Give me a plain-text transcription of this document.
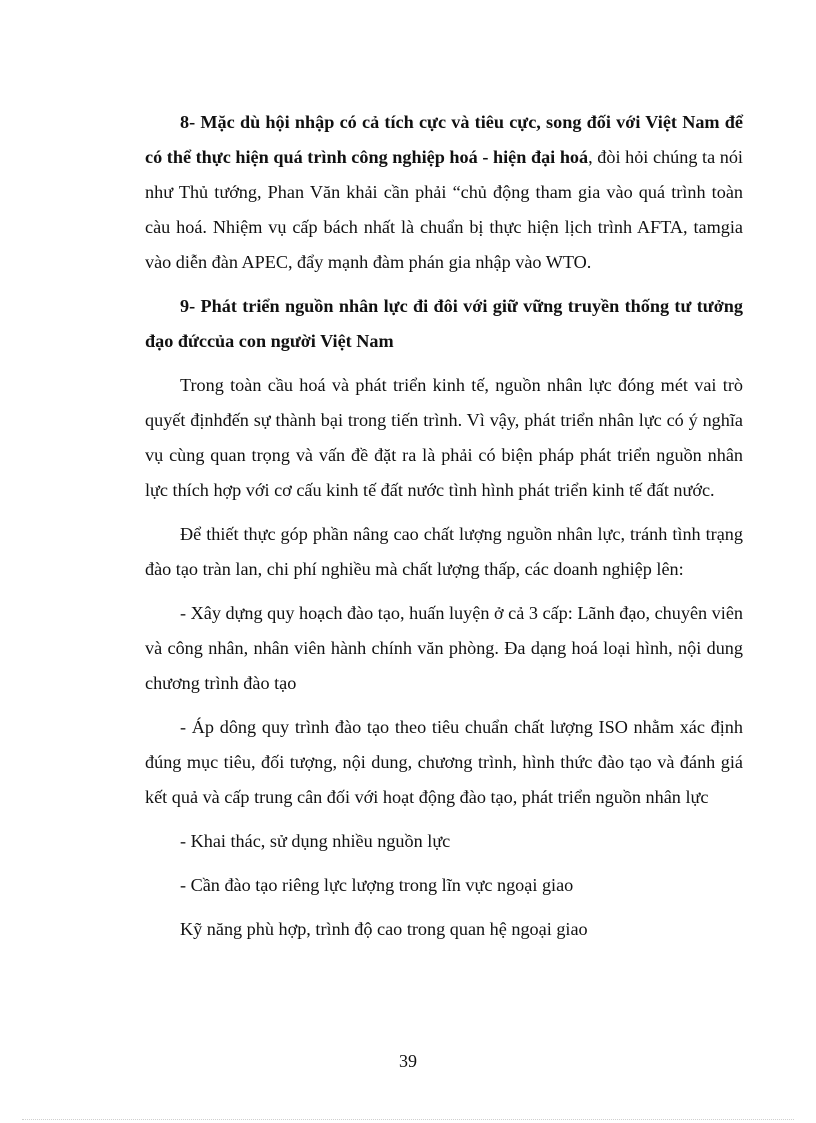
8- Mặc dù hội nhập có cả tích cực và tiêu cực, song đối với Việt Nam để có thể thực hiện quá trình công nghiệp hoá - hiện đại hoá, đòi hỏi chúng ta nói như Thủ tướng, Phan Văn khải cần phải “chủ động tham gia vào quá trình toàn càu hoá. Nhiệm vụ cấp bách nhất là chuẩn bị thực hiện lịch trình AFTA, tamgia vào diễn đàn APEC, đẩy mạnh đàm phán gia nhập vào WTO.

9- Phát triển nguồn nhân lực đi đôi với giữ vững truyền thống tư tưởng đạo đứccủa con người Việt Nam

Trong toàn cầu hoá và phát triển kinh tế, nguồn nhân lực đóng mét vai trò quyết địnhđến sự thành bại trong tiến trình. Vì vậy, phát triển nhân lực có ý nghĩa vụ cùng quan trọng và vấn đề đặt ra là phải có biện pháp phát triển nguồn nhân lực thích hợp với cơ cấu kinh tế đất nước tình hình phát triển kinh tế đất nước.

Để thiết thực góp phần nâng cao chất lượng nguồn nhân lực, tránh tình trạng đào tạo tràn lan, chi phí nghiều mà chất lượng thấp, các doanh nghiệp lên:

- Xây dựng quy hoạch đào tạo, huấn luyện ở cả 3 cấp: Lãnh đạo, chuyên viên và công nhân, nhân viên hành chính văn phòng. Đa dạng hoá loại hình, nội dung chương trình đào tạo

- Áp dông quy trình đào tạo theo tiêu chuẩn chất lượng ISO nhằm xác định đúng mục tiêu, đối tượng, nội dung, chương trình, hình thức đào tạo và đánh giá kết quả và cấp trung cân đối với hoạt động đào tạo, phát triển nguồn nhân lực

- Khai thác, sử dụng nhiều nguồn lực

- Cần đào tạo riêng lực lượng trong lĩn vực ngoại giao

Kỹ năng phù hợp, trình độ cao trong quan hệ ngoại giao

39
